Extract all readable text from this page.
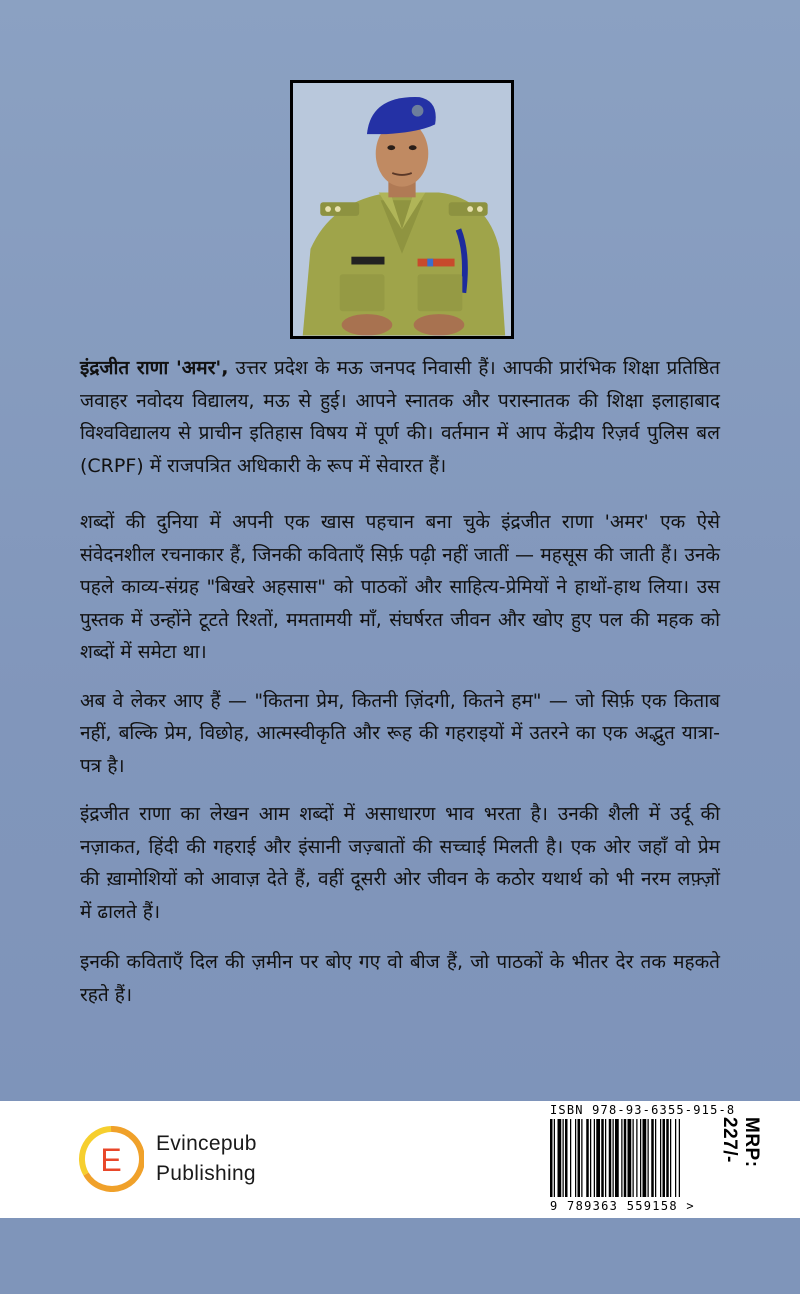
इंद्रजीत राणा 'अमर', उत्तर प्रदेश के मऊ जनपद निवासी हैं। आपकी प्रारंभिक शिक्षा प्रतिष्ठित जवाहर नवोदय विद्यालय, मऊ से हुई। आपने स्नातक और परास्नातक की शिक्षा इलाहाबाद विश्वविद्यालय से प्राचीन इतिहास विषय में पूर्ण की। वर्तमान में आप केंद्रीय रिज़र्व पुलिस बल (CRPF) में राजपत्रित अधिकारी के रूप में सेवारत हैं।

शब्दों की दुनिया में अपनी एक खास पहचान बना चुके इंद्रजीत राणा 'अमर' एक ऐसे संवेदनशील रचनाकार हैं, जिनकी कविताएँ सिर्फ़ पढ़ी नहीं जातीं — महसूस की जाती हैं। उनके पहले काव्य-संग्रह "बिखरे अहसास" को पाठकों और साहित्य-प्रेमियों ने हाथों-हाथ लिया। उस पुस्तक में उन्होंने टूटते रिश्तों, ममतामयी माँ, संघर्षरत जीवन और खोए हुए पल की महक को शब्दों में समेटा था।

अब वे लेकर आए हैं — "कितना प्रेम, कितनी ज़िंदगी, कितने हम" — जो सिर्फ़ एक किताब नहीं, बल्कि प्रेम, विछोह, आत्मस्वीकृति और रूह की गहराइयों में उतरने का एक अद्भुत यात्रा-पत्र है।

इंद्रजीत राणा का लेखन आम शब्दों में असाधारण भाव भरता है। उनकी शैली में उर्दू की नज़ाकत, हिंदी की गहराई और इंसानी जज़्बातों की सच्चाई मिलती है। एक ओर जहाँ वो प्रेम की ख़ामोशियों को आवाज़ देते हैं, वहीं दूसरी ओर जीवन के कठोर यथार्थ को भी नरम लफ़्ज़ों में ढालते हैं।

इनकी कविताएँ दिल की ज़मीन पर बोए गए वो बीज हैं, जो पाठकों के भीतर देर तक महकते रहते हैं।

E Evincepub
Publishing
ISBN 978-93-6355-915-8
9 789363 559158 >
MRP: 227/-
